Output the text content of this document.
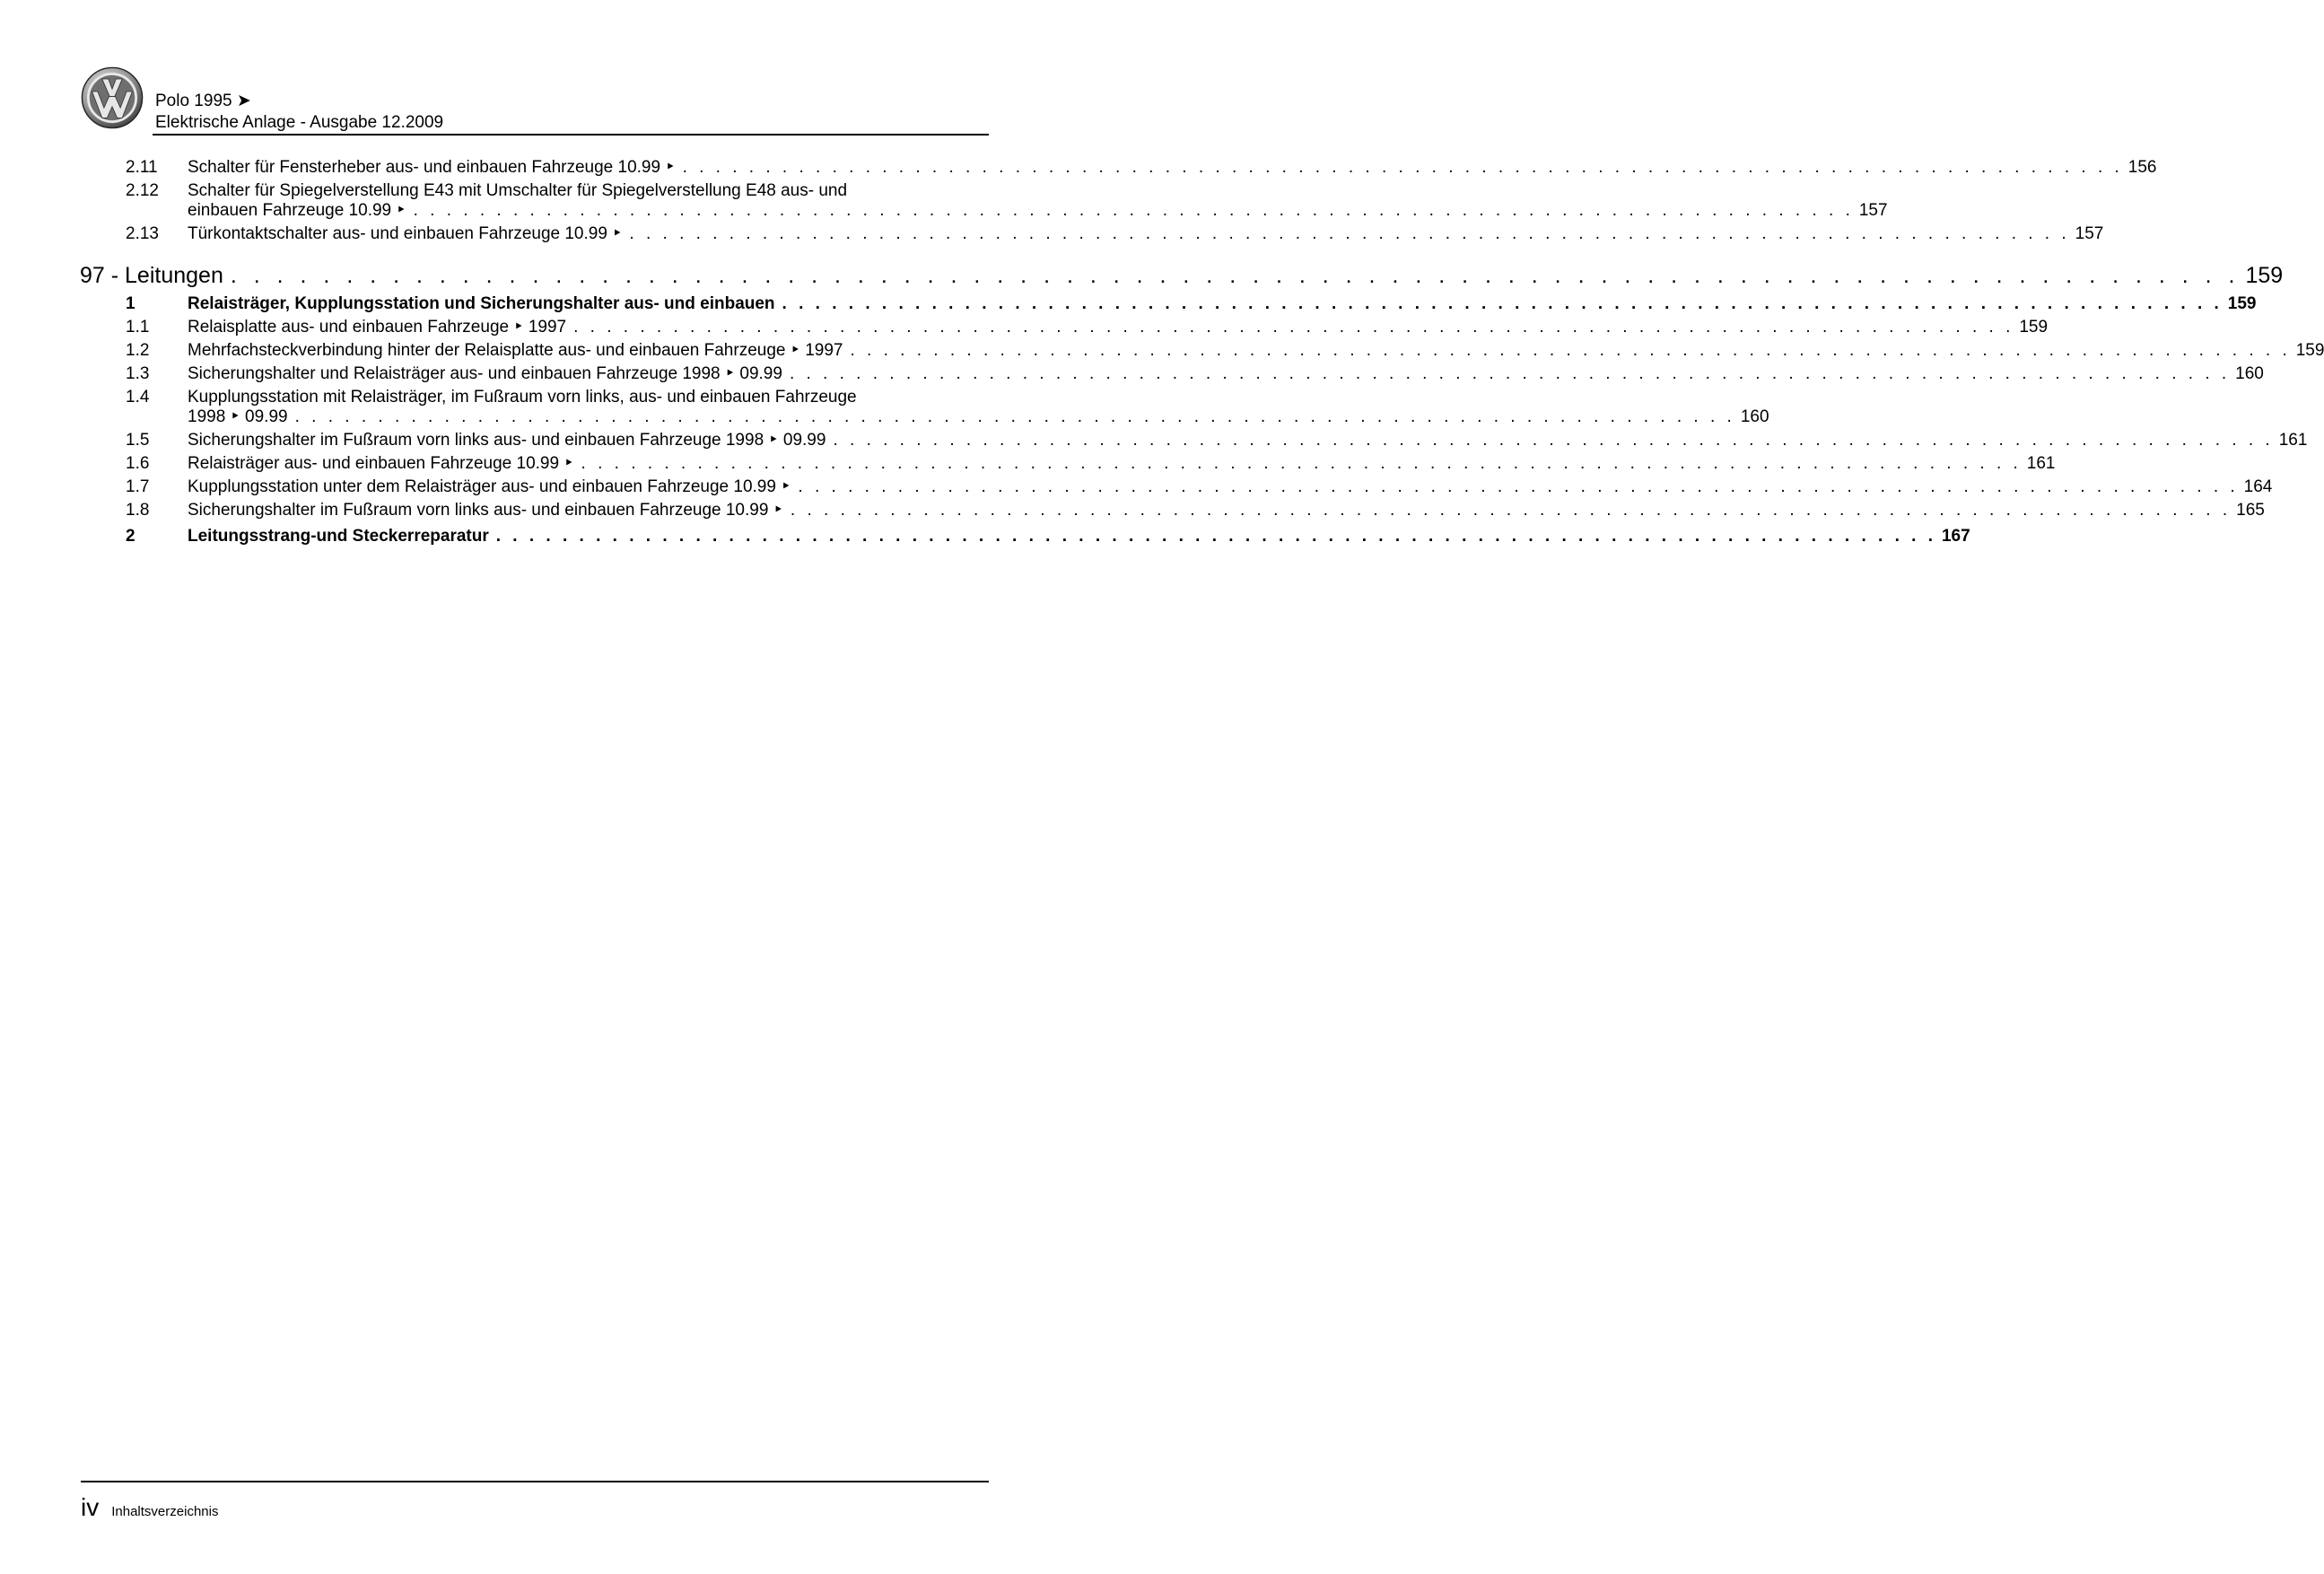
Polo 1995 ➤
Elektrische Anlage - Ausgabe 12.2009
2.11 Schalter für Fensterheber aus- und einbauen Fahrzeuge 10.99 ‣ . . . . . . . . . . . . . . . . . . . . . . . . . . . . . . . . . . . . . . . . . . . . . . . . . . . . . . . . . . . . . . . . . . . . . . . . . . . . . . . . . . . . . . . 156
2.12 Schalter für Spiegelverstellung E43 mit Umschalter für Spiegelverstellung E48 aus- und
einbauen Fahrzeuge 10.99 ‣ . . . . . . . . . . . . . . . . . . . . . . . . . . . . . . . . . . . . . . . . . . . . . . . . . . . . . . . . . . . . . . . . . . . . . . . . . . . . . . . . . . . . . . . 157
2.13 Türkontaktschalter aus- und einbauen Fahrzeuge 10.99 ‣ . . . . . . . . . . . . . . . . . . . . . . . . . . . . . . . . . . . . . . . . . . . . . . . . . . . . . . . . . . . . . . . . . . . . . . . . . . . . . . . . . . . . . . . 157
97 - Leitungen . . . . . . . . . . . . . . . . . . . . . . . . . . . . . . . . . . . . . . . . . . . . . . . . . . . . . . . . . . . . . . . . . . . . . . . . . . . . . . . . . . . . . . . 159
1	Relaisträger, Kupplungsstation und Sicherungshalter aus- und einbauen . . . . . . . . . . . . . . . . . . . . . . . . . . . . . . . . . . . . . . . . . . . . . . . . . . . . . . . . . . . . . . . . . . . . . . . . . . . . . . . . . . . . . . . 159
1.1 Relaisplatte aus- und einbauen Fahrzeuge ‣ 1997 . . . . . . . . . . . . . . . . . . . . . . . . . . . . . . . . . . . . . . . . . . . . . . . . . . . . . . . . . . . . . . . . . . . . . . . . . . . . . . . . . . . . . . . 159
1.2 Mehrfachsteckverbindung hinter der Relaisplatte aus- und einbauen Fahrzeuge ‣ 1997 . . . . . . . . . . . . . . . . . . . . . . . . . . . . . . . . . . . . . . . . . . . . . . . . . . . . . . . . . . . . . . . . . . . . . . . . . . . . . . . . . . . . . . . 159
1.3 Sicherungshalter und Relaisträger aus- und einbauen Fahrzeuge 1998 ‣ 09.99 . . . . . . . . . . . . . . . . . . . . . . . . . . . . . . . . . . . . . . . . . . . . . . . . . . . . . . . . . . . . . . . . . . . . . . . . . . . . . . . . . . . . . . . 160
1.4 Kupplungsstation mit Relaisträger, im Fußraum vorn links, aus- und einbauen Fahrzeuge
1998 ‣ 09.99 . . . . . . . . . . . . . . . . . . . . . . . . . . . . . . . . . . . . . . . . . . . . . . . . . . . . . . . . . . . . . . . . . . . . . . . . . . . . . . . . . . . . . . . 160
1.5 Sicherungshalter im Fußraum vorn links aus- und einbauen Fahrzeuge 1998 ‣ 09.99 . . . . . . . . . . . . . . . . . . . . . . . . . . . . . . . . . . . . . . . . . . . . . . . . . . . . . . . . . . . . . . . . . . . . . . . . . . . . . . . . . . . . . . . 161
1.6 Relaisträger aus- und einbauen Fahrzeuge 10.99 ‣ . . . . . . . . . . . . . . . . . . . . . . . . . . . . . . . . . . . . . . . . . . . . . . . . . . . . . . . . . . . . . . . . . . . . . . . . . . . . . . . . . . . . . . . 161
1.7 Kupplungsstation unter dem Relaisträger aus- und einbauen Fahrzeuge 10.99 ‣ . . . . . . . . . . . . . . . . . . . . . . . . . . . . . . . . . . . . . . . . . . . . . . . . . . . . . . . . . . . . . . . . . . . . . . . . . . . . . . . . . . . . . . . 164
1.8 Sicherungshalter im Fußraum vorn links aus- und einbauen Fahrzeuge 10.99 ‣ . . . . . . . . . . . . . . . . . . . . . . . . . . . . . . . . . . . . . . . . . . . . . . . . . . . . . . . . . . . . . . . . . . . . . . . . . . . . . . . . . . . . . . . 165
2	Leitungsstrang-und Steckerreparatur . . . . . . . . . . . . . . . . . . . . . . . . . . . . . . . . . . . . . . . . . . . . . . . . . . . . . . . . . . . . . . . . . . . . . . . . . . . . . . . . . . . . . . . 167
iv Inhaltsverzeichnis
